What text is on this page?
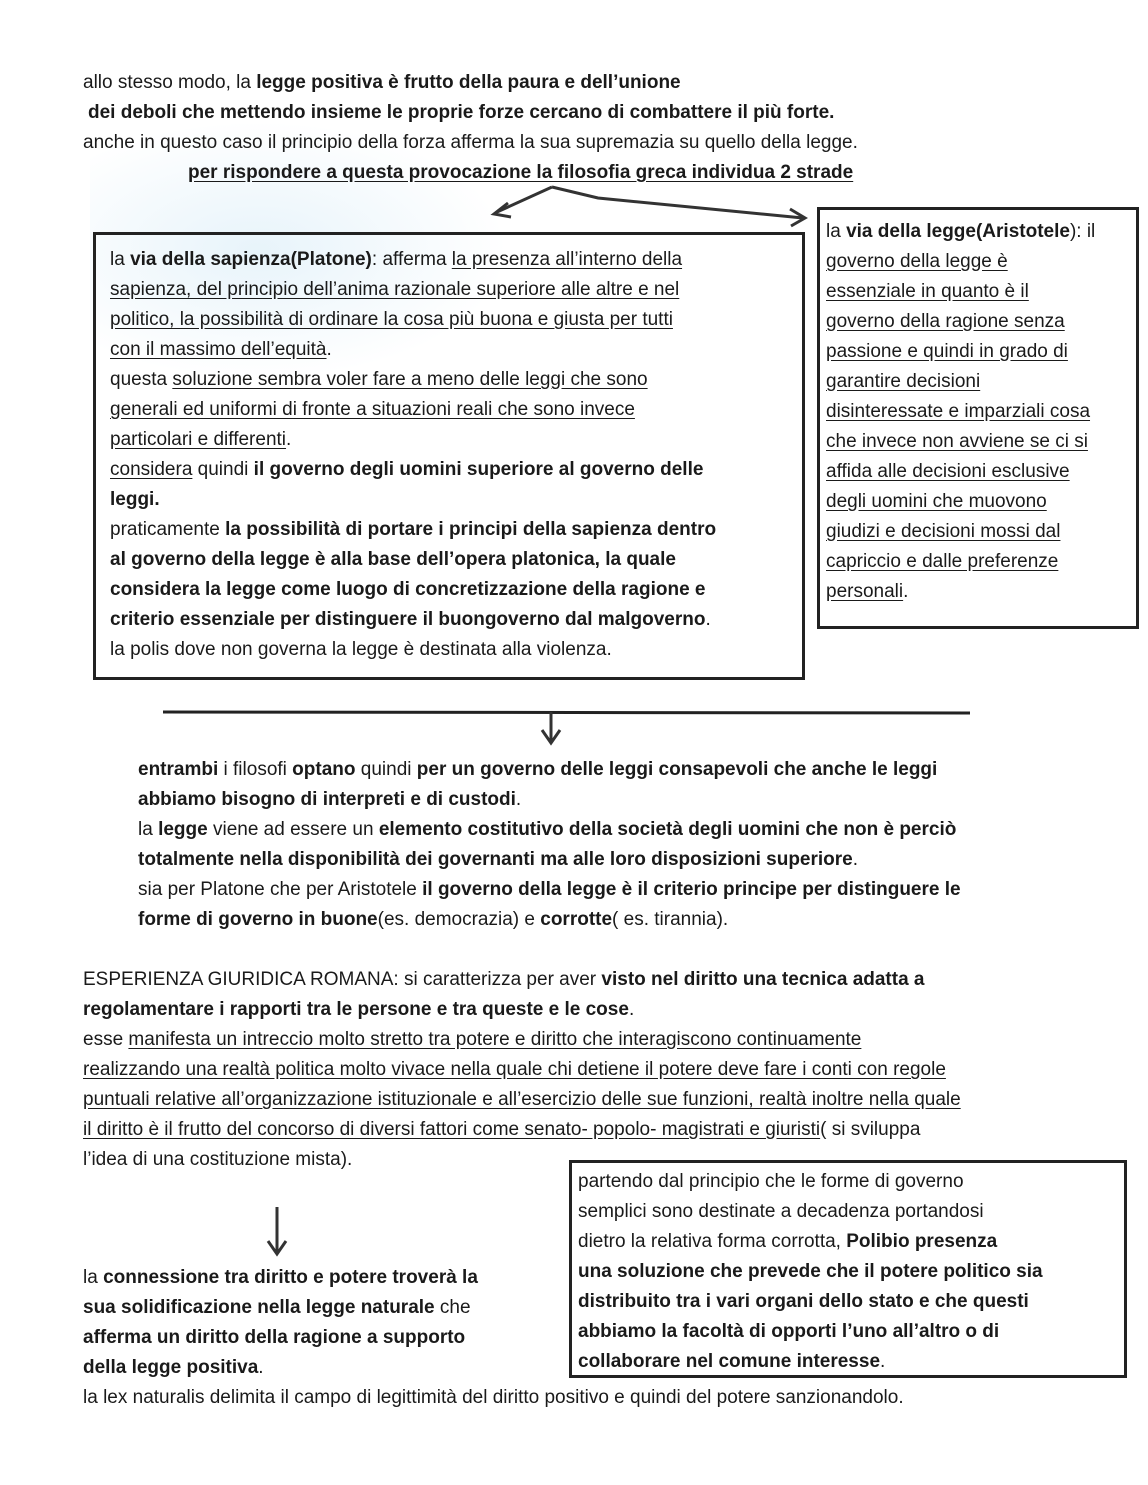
allo stesso modo, la legge positiva è frutto della paura e dell’unione
dei deboli che mettendo insieme le proprie forze cercano di combattere il più forte.
anche in questo caso il principio della forza afferma la sua supremazia su quello della legge.
per rispondere a questa provocazione la filosofia greca individua 2 strade
la via della sapienza(Platone): afferma la presenza all’interno della
sapienza, del principio dell’anima razionale superiore alle altre e nel
politico, la possibilità di ordinare la cosa più buona e giusta per tutti
con il massimo dell’equità.
questa soluzione sembra voler fare a meno delle leggi che sono
generali ed uniformi di fronte a situazioni reali che sono invece
particolari e differenti.
considera quindi il governo degli uomini superiore al governo delle
leggi.
praticamente la possibilità di portare i principi della sapienza dentro
al governo della legge è alla base dell’opera platonica, la quale
considera la legge come luogo di concretizzazione della ragione e
criterio essenziale per distinguere il buongoverno dal malgoverno.
la polis dove non governa la legge è destinata alla violenza.
la via della legge(Aristotele): il
governo della legge è
essenziale in quanto è il
governo della ragione senza
passione e quindi in grado di
garantire decisioni
disinteressate e imparziali cosa
che invece non avviene se ci si
affida alle decisioni esclusive
degli uomini che muovono
giudizi e decisioni mossi dal
capriccio e dalle preferenze
personali.
entrambi i filosofi optano quindi per un governo delle leggi consapevoli che anche le leggi
abbiamo bisogno di interpreti e di custodi.
la legge viene ad essere un elemento costitutivo della società degli uomini che non è perciò
totalmente nella disponibilità dei governanti ma alle loro disposizioni superiore.
sia per Platone che per Aristotele il governo della legge è il criterio principe per distinguere le
forme di governo in buone(es. democrazia) e corrotte( es. tirannia).
ESPERIENZA GIURIDICA ROMANA: si caratterizza per aver visto nel diritto una tecnica adatta a
regolamentare i rapporti tra le persone e tra queste e le cose.
esse manifesta un intreccio molto stretto tra potere e diritto che interagiscono continuamente
realizzando una realtà politica molto vivace nella quale chi detiene il potere deve fare i conti con regole
puntuali relative all’organizzazione istituzionale e all’esercizio delle sue funzioni, realtà inoltre nella quale
il diritto è il frutto del concorso di diversi fattori come senato- popolo- magistrati e giuristi( si sviluppa
l’idea di una costituzione mista).
partendo dal principio che le forme di governo
semplici sono destinate a decadenza portandosi
dietro la relativa forma corrotta, Polibio presenza
una soluzione che prevede che il potere politico sia
distribuito tra i vari organi dello stato e che questi
abbiamo la facoltà di opporti l’uno all’altro o di
collaborare nel comune interesse.
la connessione tra diritto e potere troverà la
sua solidificazione nella legge naturale che
afferma un diritto della ragione a supporto
della legge positiva.
la lex naturalis delimita il campo di legittimità del diritto positivo e quindi del potere sanzionandolo.
